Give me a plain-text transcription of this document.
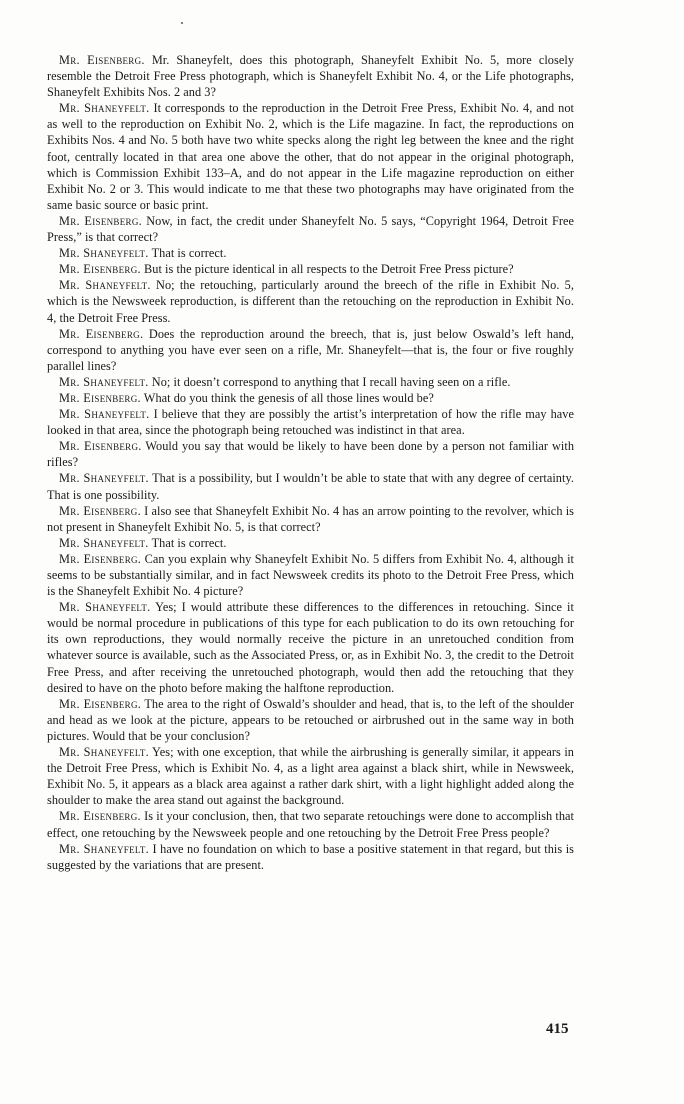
Mr. Eisenberg. Mr. Shaneyfelt, does this photograph, Shaneyfelt Exhibit No. 5, more closely resemble the Detroit Free Press photograph, which is Shaneyfelt Exhibit No. 4, or the Life photographs, Shaneyfelt Exhibits Nos. 2 and 3?

Mr. Shaneyfelt. It corresponds to the reproduction in the Detroit Free Press, Exhibit No. 4, and not as well to the reproduction on Exhibit No. 2, which is the Life magazine. In fact, the reproductions on Exhibits Nos. 4 and No. 5 both have two white specks along the right leg between the knee and the right foot, centrally located in that area one above the other, that do not appear in the original photograph, which is Commission Exhibit 133–A, and do not appear in the Life magazine reproduction on either Exhibit No. 2 or 3. This would indicate to me that these two photographs may have originated from the same basic source or basic print.

Mr. Eisenberg. Now, in fact, the credit under Shaneyfelt No. 5 says, “Copyright 1964, Detroit Free Press,” is that correct?

Mr. Shaneyfelt. That is correct.

Mr. Eisenberg. But is the picture identical in all respects to the Detroit Free Press picture?

Mr. Shaneyfelt. No; the retouching, particularly around the breech of the rifle in Exhibit No. 5, which is the Newsweek reproduction, is different than the retouching on the reproduction in Exhibit No. 4, the Detroit Free Press.

Mr. Eisenberg. Does the reproduction around the breech, that is, just below Oswald’s left hand, correspond to anything you have ever seen on a rifle, Mr. Shaneyfelt—that is, the four or five roughly parallel lines?

Mr. Shaneyfelt. No; it doesn’t correspond to anything that I recall having seen on a rifle.

Mr. Eisenberg. What do you think the genesis of all those lines would be?

Mr. Shaneyfelt. I believe that they are possibly the artist’s interpretation of how the rifle may have looked in that area, since the photograph being retouched was indistinct in that area.

Mr. Eisenberg. Would you say that would be likely to have been done by a person not familiar with rifles?

Mr. Shaneyfelt. That is a possibility, but I wouldn’t be able to state that with any degree of certainty. That is one possibility.

Mr. Eisenberg. I also see that Shaneyfelt Exhibit No. 4 has an arrow pointing to the revolver, which is not present in Shaneyfelt Exhibit No. 5, is that correct?

Mr. Shaneyfelt. That is correct.

Mr. Eisenberg. Can you explain why Shaneyfelt Exhibit No. 5 differs from Exhibit No. 4, although it seems to be substantially similar, and in fact Newsweek credits its photo to the Detroit Free Press, which is the Shaneyfelt Exhibit No. 4 picture?

Mr. Shaneyfelt. Yes; I would attribute these differences to the differences in retouching. Since it would be normal procedure in publications of this type for each publication to do its own retouching for its own reproductions, they would normally receive the picture in an unretouched condition from whatever source is available, such as the Associated Press, or, as in Exhibit No. 3, the credit to the Detroit Free Press, and after receiving the unretouched photograph, would then add the retouching that they desired to have on the photo before making the halftone reproduction.

Mr. Eisenberg. The area to the right of Oswald’s shoulder and head, that is, to the left of the shoulder and head as we look at the picture, appears to be retouched or airbrushed out in the same way in both pictures. Would that be your conclusion?

Mr. Shaneyfelt. Yes; with one exception, that while the airbrushing is generally similar, it appears in the Detroit Free Press, which is Exhibit No. 4, as a light area against a black shirt, while in Newsweek, Exhibit No. 5, it appears as a black area against a rather dark shirt, with a light highlight added along the shoulder to make the area stand out against the background.

Mr. Eisenberg. Is it your conclusion, then, that two separate retouchings were done to accomplish that effect, one retouching by the Newsweek people and one retouching by the Detroit Free Press people?

Mr. Shaneyfelt. I have no foundation on which to base a positive statement in that regard, but this is suggested by the variations that are present.

415
